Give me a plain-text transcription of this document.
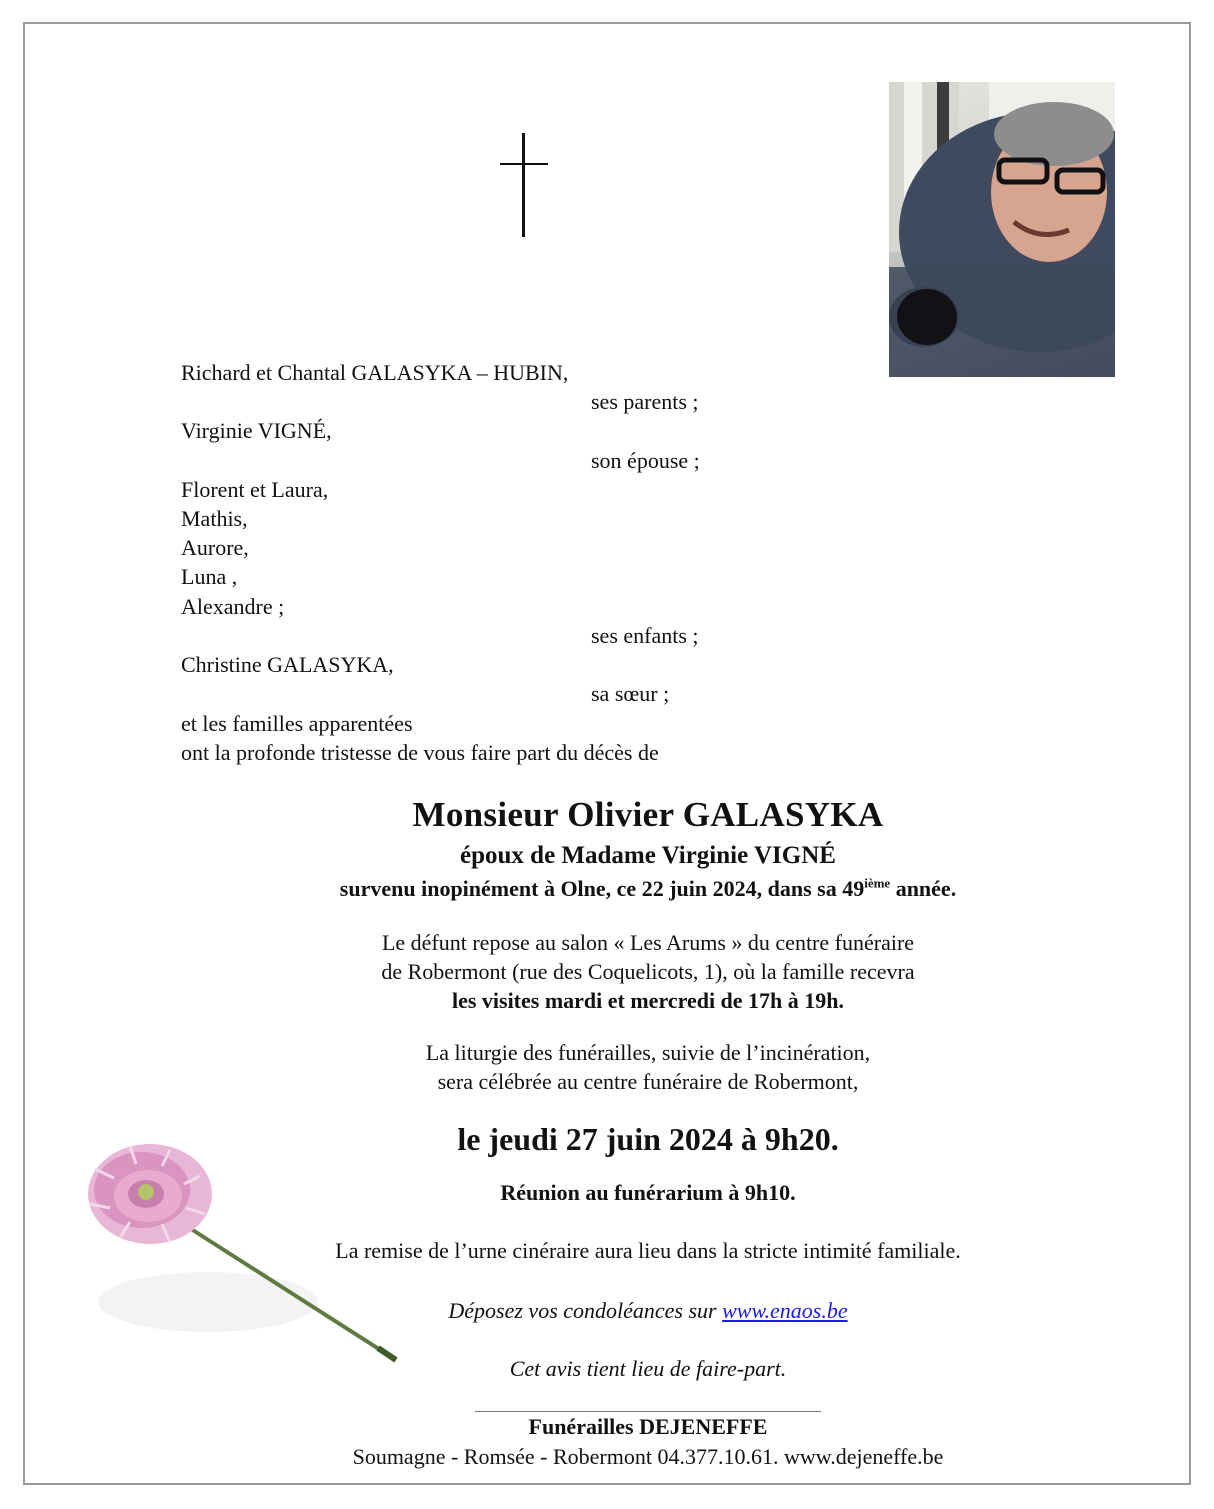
Richard et Chantal GALASYKA – HUBIN,
ses parents ;
Virginie VIGNÉ,
son épouse ;
Florent et Laura,
Mathis,
Aurore,
Luna ,
Alexandre ;
ses enfants ;
Christine GALASYKA,
sa sœur ;
et les familles apparentées
ont la profonde tristesse de vous faire part du décès de
Monsieur Olivier GALASYKA
époux de Madame Virginie VIGNÉ
survenu inopinément à Olne, ce 22 juin 2024, dans sa 49ième année.
Le défunt repose au salon « Les Arums » du centre funéraire
de Robermont (rue des Coquelicots, 1), où la famille recevra
les visites mardi et mercredi de 17h à 19h.
La liturgie des funérailles, suivie de l’incinération,
sera célébrée au centre funéraire de Robermont,
le jeudi 27 juin 2024 à 9h20.
Réunion au funérarium à 9h10.
La remise de l’urne cinéraire aura lieu dans la stricte intimité familiale.
Déposez vos condoléances sur www.enaos.be
Cet avis tient lieu de faire-part.
Funérailles DEJENEFFE
Soumagne - Romsée - Robermont 04.377.10.61. www.dejeneffe.be
